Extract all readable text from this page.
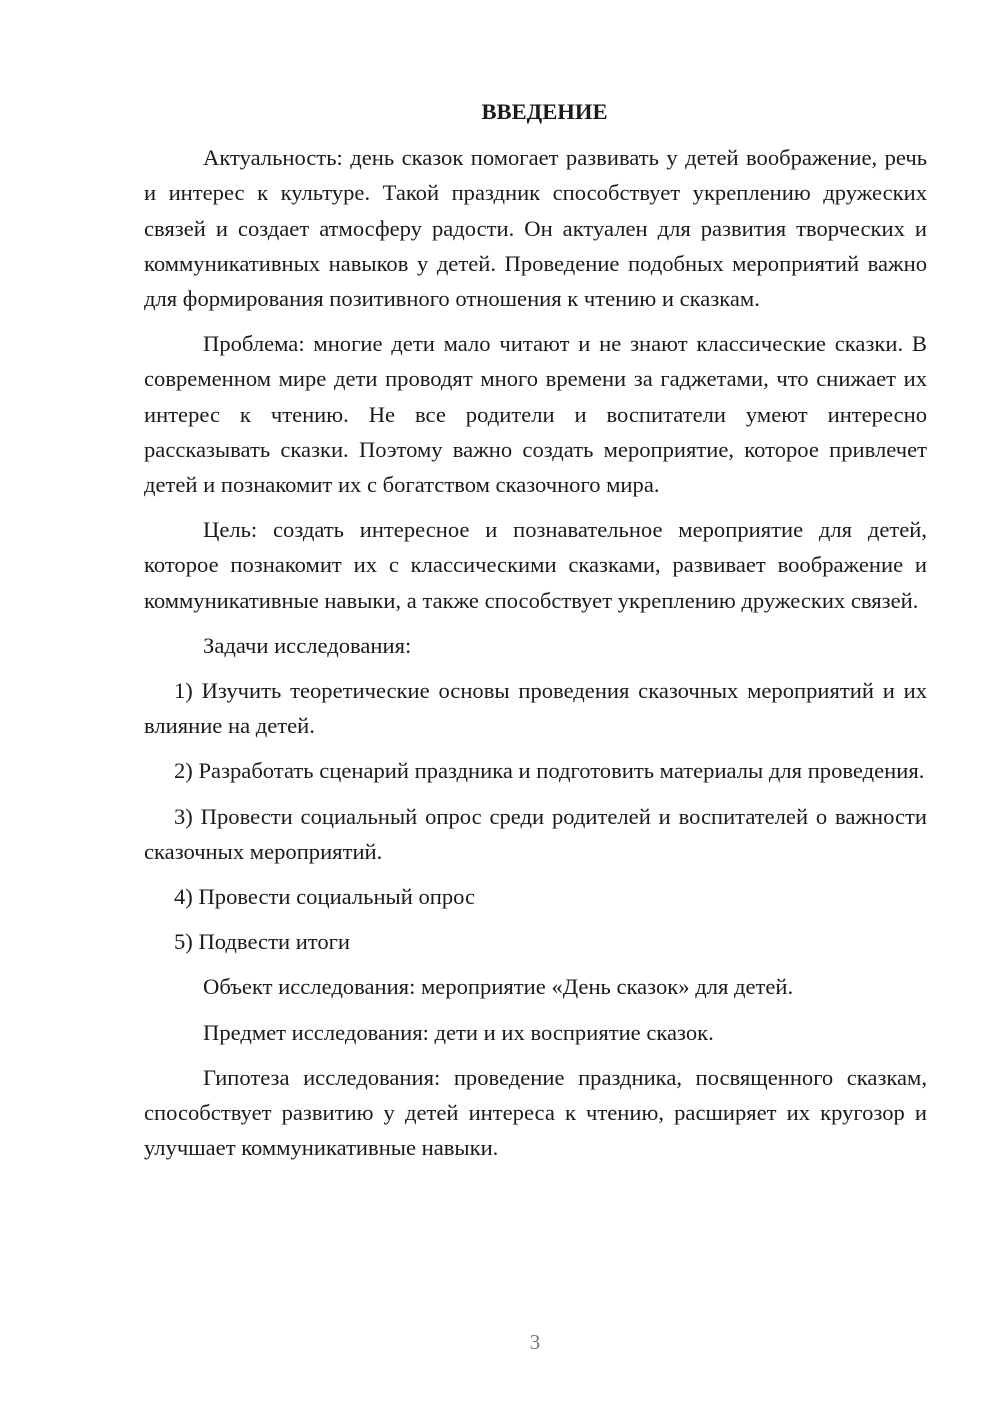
ВВЕДЕНИЕ

Актуальность: день сказок помогает развивать у детей воображение, речь и интерес к культуре. Такой праздник способствует укреплению дружеских связей и создает атмосферу радости. Он актуален для развития творческих и коммуникативных навыков у детей. Проведение подобных мероприятий важно для формирования позитивного отношения к чтению и сказкам.

Проблема: многие дети мало читают и не знают классические сказки. В современном мире дети проводят много времени за гаджетами, что снижает их интерес к чтению. Не все родители и воспитатели умеют интересно рассказывать сказки. Поэтому важно создать мероприятие, которое привлечет детей и познакомит их с богатством сказочного мира.

Цель: создать интересное и познавательное мероприятие для детей, которое познакомит их с классическими сказками, развивает воображение и коммуникативные навыки, а также способствует укреплению дружеских связей.

Задачи исследования:

1) Изучить теоретические основы проведения сказочных мероприятий и их влияние на детей.

2) Разработать сценарий праздника и подготовить материалы для проведения.

3) Провести социальный опрос среди родителей и воспитателей о важности сказочных мероприятий.

4) Провести социальный опрос

5) Подвести итоги

Объект исследования: мероприятие «День сказок» для детей.

Предмет исследования: дети и их восприятие сказок.

Гипотеза исследования: проведение праздника, посвященного сказкам, способствует развитию у детей интереса к чтению, расширяет их кругозор и улучшает коммуникативные навыки.

3
